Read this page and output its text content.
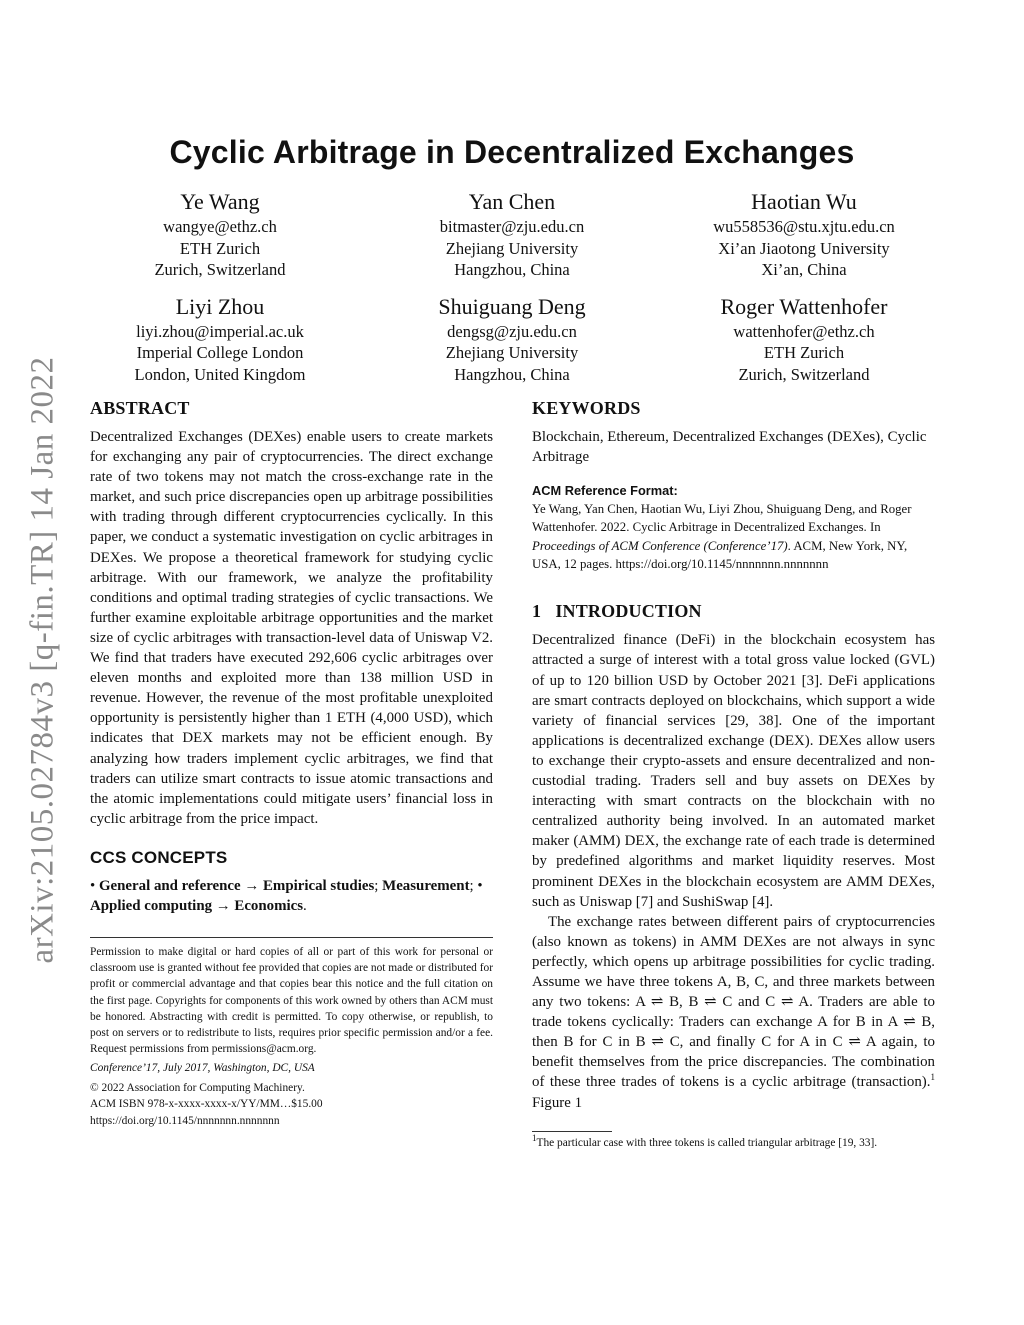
arXiv:2105.02784v3 [q-fin.TR] 14 Jan 2022
Cyclic Arbitrage in Decentralized Exchanges
Ye Wang
wangye@ethz.ch
ETH Zurich
Zurich, Switzerland
Yan Chen
bitmaster@zju.edu.cn
Zhejiang University
Hangzhou, China
Haotian Wu
wu558536@stu.xjtu.edu.cn
Xi’an Jiaotong University
Xi’an, China
Liyi Zhou
liyi.zhou@imperial.ac.uk
Imperial College London
London, United Kingdom
Shuiguang Deng
dengsg@zju.edu.cn
Zhejiang University
Hangzhou, China
Roger Wattenhofer
wattenhofer@ethz.ch
ETH Zurich
Zurich, Switzerland
ABSTRACT

Decentralized Exchanges (DEXes) enable users to create markets for exchanging any pair of cryptocurrencies. The direct exchange rate of two tokens may not match the cross-exchange rate in the market, and such price discrepancies open up arbitrage possibilities with trading through different cryptocurrencies cyclically. In this paper, we conduct a systematic investigation on cyclic arbitrages in DEXes. We propose a theoretical framework for studying cyclic arbitrage. With our framework, we analyze the profitability conditions and optimal trading strategies of cyclic transactions. We further examine exploitable arbitrage opportunities and the market size of cyclic arbitrages with transaction-level data of Uniswap V2. We find that traders have executed 292,606 cyclic arbitrages over eleven months and exploited more than 138 million USD in revenue. However, the revenue of the most profitable unexploited opportunity is persistently higher than 1 ETH (4,000 USD), which indicates that DEX markets may not be efficient enough. By analyzing how traders implement cyclic arbitrages, we find that traders can utilize smart contracts to issue atomic transactions and the atomic implementations could mitigate users’ financial loss in cyclic arbitrage from the price impact.

CCS CONCEPTS

• General and reference → Empirical studies; Measurement; • Applied computing → Economics.

Permission to make digital or hard copies of all or part of this work for personal or classroom use is granted without fee provided that copies are not made or distributed for profit or commercial advantage and that copies bear this notice and the full citation on the first page. Copyrights for components of this work owned by others than ACM must be honored. Abstracting with credit is permitted. To copy otherwise, or republish, to post on servers or to redistribute to lists, requires prior specific permission and/or a fee. Request permissions from permissions@acm.org.

Conference’17, July 2017, Washington, DC, USA

© 2022 Association for Computing Machinery.

ACM ISBN 978-x-xxxx-xxxx-x/YY/MM…$15.00

https://doi.org/10.1145/nnnnnnn.nnnnnnn

KEYWORDS

Blockchain, Ethereum, Decentralized Exchanges (DEXes), Cyclic Arbitrage

ACM Reference Format:

Ye Wang, Yan Chen, Haotian Wu, Liyi Zhou, Shuiguang Deng, and Roger Wattenhofer. 2022. Cyclic Arbitrage in Decentralized Exchanges. In Proceedings of ACM Conference (Conference’17). ACM, New York, NY, USA, 12 pages. https://doi.org/10.1145/nnnnnnn.nnnnnnn

1 INTRODUCTION

Decentralized finance (DeFi) in the blockchain ecosystem has attracted a surge of interest with a total gross value locked (GVL) of up to 120 billion USD by October 2021 [3]. DeFi applications are smart contracts deployed on blockchains, which support a wide variety of financial services [29, 38]. One of the important applications is decentralized exchange (DEX). DEXes allow users to exchange their crypto-assets and ensure decentralized and non-custodial trading. Traders sell and buy assets on DEXes by interacting with smart contracts on the blockchain with no centralized authority being involved. In an automated market maker (AMM) DEX, the exchange rate of each trade is determined by predefined algorithms and market liquidity reserves. Most prominent DEXes in the blockchain ecosystem are AMM DEXes, such as Uniswap [7] and SushiSwap [4].

The exchange rates between different pairs of cryptocurrencies (also known as tokens) in AMM DEXes are not always in sync perfectly, which opens up arbitrage possibilities for cyclic trading. Assume we have three tokens A, B, C, and three markets between any two tokens: A ⇌ B, B ⇌ C and C ⇌ A. Traders are able to trade tokens cyclically: Traders can exchange A for B in A ⇌ B, then B for C in B ⇌ C, and finally C for A in C ⇌ A again, to benefit themselves from the price discrepancies. The combination of these three trades of tokens is a cyclic arbitrage (transaction).$^1$ Figure 1

$^1$The particular case with three tokens is called triangular arbitrage [19, 33].
